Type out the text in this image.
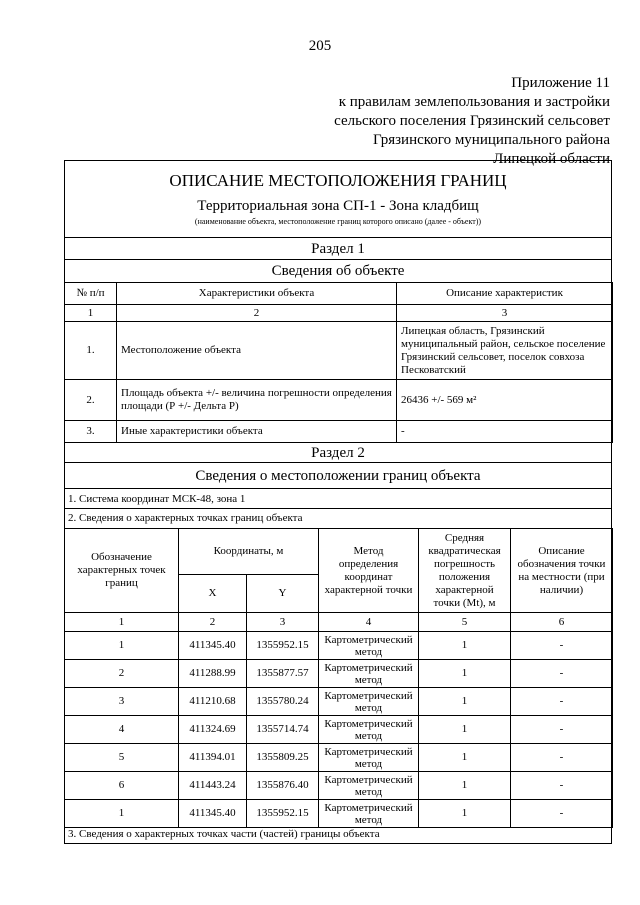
205
Приложение 11
к правилам землепользования и застройки
сельского поселения Грязинский сельсовет
Грязинского муниципального района
Липецкой области
ОПИСАНИЕ МЕСТОПОЛОЖЕНИЯ ГРАНИЦ
Территориальная зона СП-1 - Зона кладбищ
(наименование объекта, местоположение границ которого описано (далее - объект))
Раздел 1
Сведения об объекте
№ п/п	Характеристики объекта	Описание характеристик
1	2	3
1.	Местоположение объекта	Липецкая область, Грязинский муниципальный район, сельское поселение Грязинский сельсовет, поселок совхоза Песковатский
2.	Площадь объекта +/- величина погрешности определения площади (Р +/- Дельта Р)	26436 +/- 569 м²
3.	Иные характеристики объекта	-
Раздел 2
Сведения о местоположении границ объекта
1. Система координат МСК-48, зона 1
2. Сведения о характерных точках границ объекта
Обозначение характерных точек границ	Координаты, м		Метод определения координат характерной точки	Средняя квадратическая погрешность положения характерной точки (Mt), м	Описание обозначения точки на местности (при наличии)
	X	Y			
1	2	3	4	5	6
1	411345.40	1355952.15	Картометрический метод	1	-
2	411288.99	1355877.57	Картометрический метод	1	-
3	411210.68	1355780.24	Картометрический метод	1	-
4	411324.69	1355714.74	Картометрический метод	1	-
5	411394.01	1355809.25	Картометрический метод	1	-
6	411443.24	1355876.40	Картометрический метод	1	-
1	411345.40	1355952.15	Картометрический метод	1	-
3. Сведения о характерных точках части (частей) границы объекта
